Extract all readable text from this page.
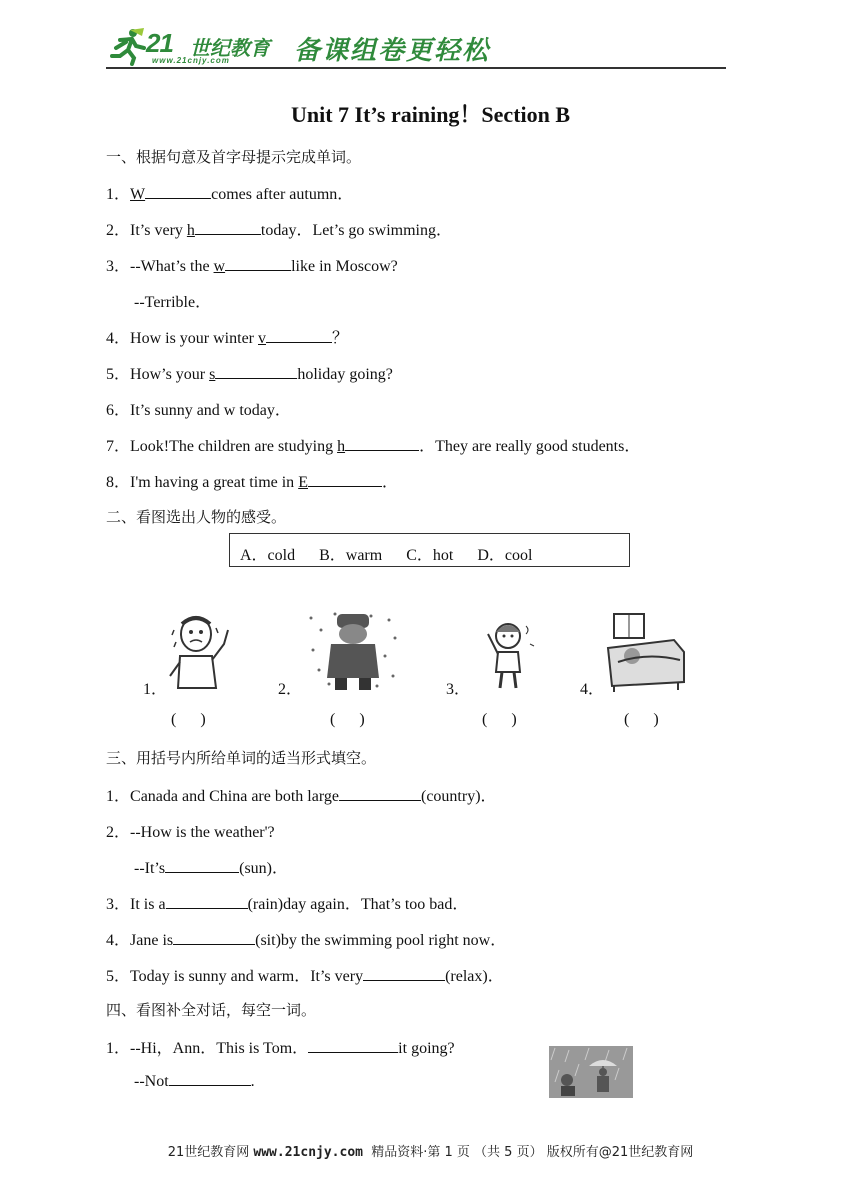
21 世纪教育
www.21cnjy.com 备课组卷更轻松
Unit 7 It’s raining！Section B
一、根据句意及首字母提示完成单词。
1．W	comes after autumn．
2．It’s very h	today．Let’s go swimming．
3．--What’s the w	like in Moscow?
--Terrible．
4．How is your winter v	？
5．How’s your s	holiday going?
6．It’s sunny and w today．
7．Look!The children are studying h	．They are really good students．
8．I'm having a great time in E	．
二、看图选出人物的感受。
A．cold      B．warm      C．hot      D．cool
1．	2．	3．	4．
(      )	(      )	(      )	(      )
三、用括号内所给单词的适当形式填空。
1．Canada and China are both large	(country)．
2．--How is the weather'?
--It’s	(sun)．
3．It is a	(rain)day again．That’s too bad．
4．Jane is	(sit)by the swimming pool right now．
5．Today is sunny and warm．It’s very	(relax)．
四、看图补全对话，每空一词。
1．--Hi，Ann．This is Tom．	it going?
--Not	.
21世纪教育网 www.21cnjy.com  精品资料·第 1 页 （共 5 页） 版权所有@21世纪教育网
